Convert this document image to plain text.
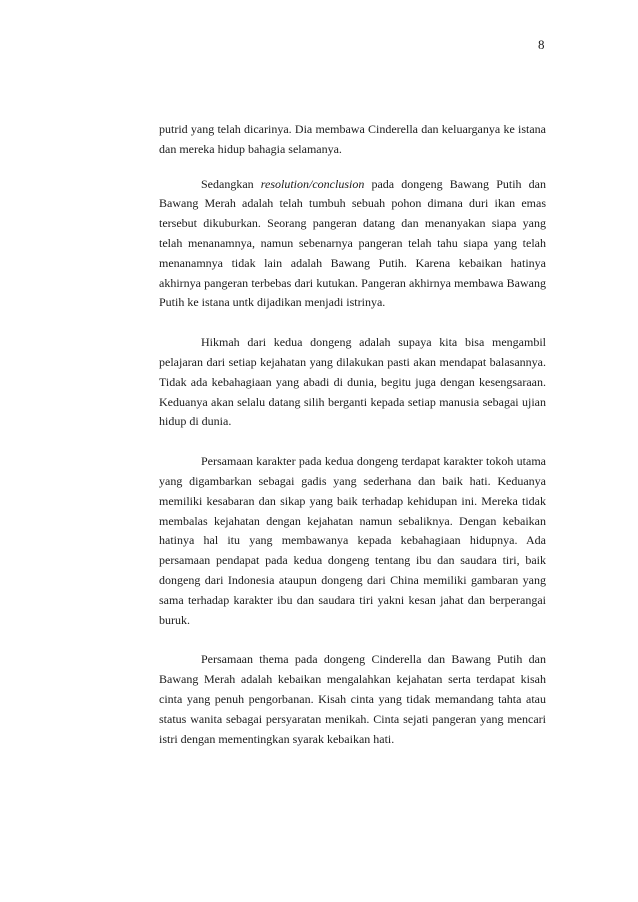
8

putrid yang telah dicarinya. Dia membawa Cinderella dan keluarganya ke istana dan mereka hidup bahagia selamanya.

Sedangkan resolution/conclusion pada dongeng Bawang Putih dan Bawang Merah adalah telah tumbuh sebuah pohon dimana duri ikan emas tersebut dikuburkan. Seorang pangeran datang dan menanyakan siapa yang telah menanamnya, namun sebenarnya pangeran telah tahu siapa yang telah menanamnya tidak lain adalah Bawang Putih. Karena kebaikan hatinya akhirnya pangeran terbebas dari kutukan. Pangeran akhirnya membawa Bawang Putih ke istana untk dijadikan menjadi istrinya.

Hikmah dari kedua dongeng adalah supaya kita bisa mengambil pelajaran dari setiap kejahatan yang dilakukan pasti akan mendapat balasannya. Tidak ada kebahagiaan yang abadi di dunia, begitu juga dengan kesengsaraan. Keduanya akan selalu datang silih berganti kepada setiap manusia sebagai ujian hidup di dunia.

Persamaan karakter pada kedua dongeng terdapat karakter tokoh utama yang digambarkan sebagai gadis yang sederhana dan baik hati. Keduanya memiliki kesabaran dan sikap yang baik terhadap kehidupan ini. Mereka tidak membalas kejahatan dengan kejahatan namun sebaliknya. Dengan kebaikan hatinya hal itu yang membawanya kepada kebahagiaan hidupnya. Ada persamaan pendapat pada kedua dongeng tentang ibu dan saudara tiri, baik dongeng dari Indonesia ataupun dongeng dari China memiliki gambaran yang sama terhadap karakter ibu dan saudara tiri yakni kesan jahat dan berperangai buruk.

Persamaan thema pada dongeng Cinderella dan Bawang Putih dan Bawang Merah adalah kebaikan mengalahkan kejahatan serta terdapat kisah cinta yang penuh pengorbanan. Kisah cinta yang tidak memandang tahta atau status wanita sebagai persyaratan menikah. Cinta sejati pangeran yang mencari istri dengan mementingkan syarak kebaikan hati.
